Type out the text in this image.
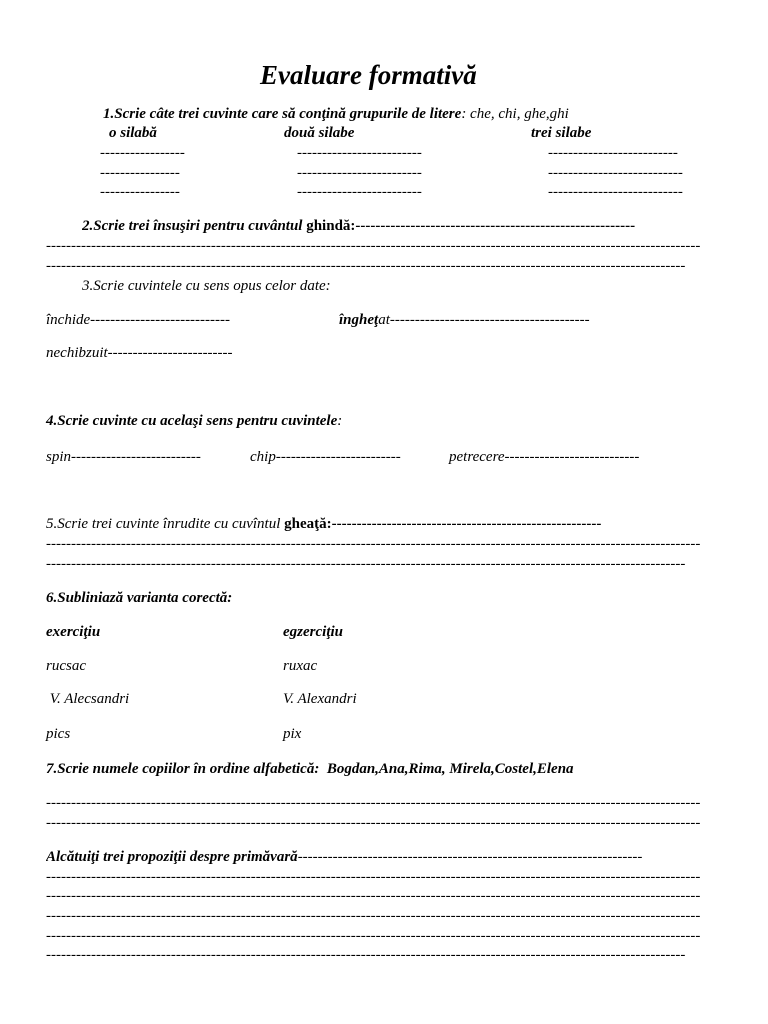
Evaluare formativă
1.Scrie câte trei cuvinte care să conţină grupurile de litere: che, chi, ghe,ghi
o silabă	două silabe	trei silabe
-----------------	-------------------------	--------------------------
----------------	-------------------------	---------------------------
----------------	-------------------------	---------------------------
2.Scrie trei însuşiri pentru cuvântul ghindă:--------------------------------------------------------
-----------------------------------------------------------------------------------------------------------------------------------
--------------------------------------------------------------------------------------------------------------------------------
3.Scrie cuvintele cu sens opus celor date:
închide----------------------------	îngheţat----------------------------------------
nechibzuit-------------------------
4.Scrie cuvinte cu acelaşi sens pentru cuvintele:
spin--------------------------	chip-------------------------	petrecere---------------------------
5.Scrie trei cuvinte înrudite cu cuvîntul gheaţă:------------------------------------------------------
-----------------------------------------------------------------------------------------------------------------------------------
--------------------------------------------------------------------------------------------------------------------------------
6.Subliniază varianta corectă:
exerciţiu	egzerciţiu
rucsac	ruxac
V. Alecsandri	V. Alexandri
pics	pix
7.Scrie numele copiilor în ordine alfabetică: Bogdan,Ana,Rima, Mirela,Costel,Elena
-----------------------------------------------------------------------------------------------------------------------------------
-----------------------------------------------------------------------------------------------------------------------------------
Alcătuiţi trei propoziţii despre primăvară---------------------------------------------------------------------
-----------------------------------------------------------------------------------------------------------------------------------
-----------------------------------------------------------------------------------------------------------------------------------
-----------------------------------------------------------------------------------------------------------------------------------
-----------------------------------------------------------------------------------------------------------------------------------
--------------------------------------------------------------------------------------------------------------------------------
